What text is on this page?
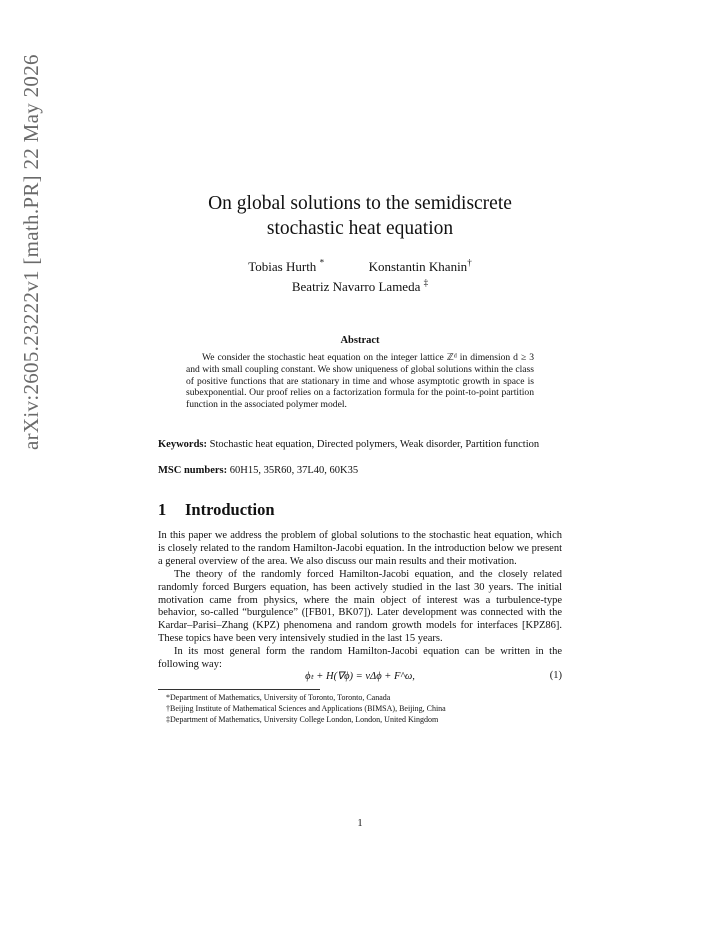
arXiv:2605.23222v1 [math.PR] 22 May 2026	On global solutions to the semidiscrete
stochastic heat equation
Tobias Hurth *	Konstantin Khanin†
Beatriz Navarro Lameda ‡
Abstract
We consider the stochastic heat equation on the integer lattice ℤᵈ in dimension d ≥ 3 and with small coupling constant. We show uniqueness of global solutions within the class of positive functions that are stationary in time and whose asymptotic growth in space is subexponential. Our proof relies on a factorization formula for the point-to-point partition function in the associated polymer model.
Keywords: Stochastic heat equation, Directed polymers, Weak disorder, Partition function
MSC numbers: 60H15, 35R60, 37L40, 60K35
1 Introduction

In this paper we address the problem of global solutions to the stochastic heat equation, which is closely related to the random Hamilton-Jacobi equation. In the introduction below we present a general overview of the area. We also discuss our main results and their motivation.

The theory of the randomly forced Hamilton-Jacobi equation, and the closely related randomly forced Burgers equation, has been actively studied in the last 30 years. The initial motivation came from physics, where the main object of interest was a turbulence-type behavior, so-called “burgulence” ([FB01, BK07]). Later development was connected with the Kardar–Parisi–Zhang (KPZ) phenomena and random growth models for interfaces [KPZ86]. These topics have been very intensively studied in the last 15 years.

In its most general form the random Hamilton-Jacobi equation can be written in the following way:

ϕₜ + H(∇ϕ) = νΔϕ + F^ω,	(1)
*Department of Mathematics, University of Toronto, Toronto, Canada
†Beijing Institute of Mathematical Sciences and Applications (BIMSA), Beijing, China
‡Department of Mathematics, University College London, London, United Kingdom
1
